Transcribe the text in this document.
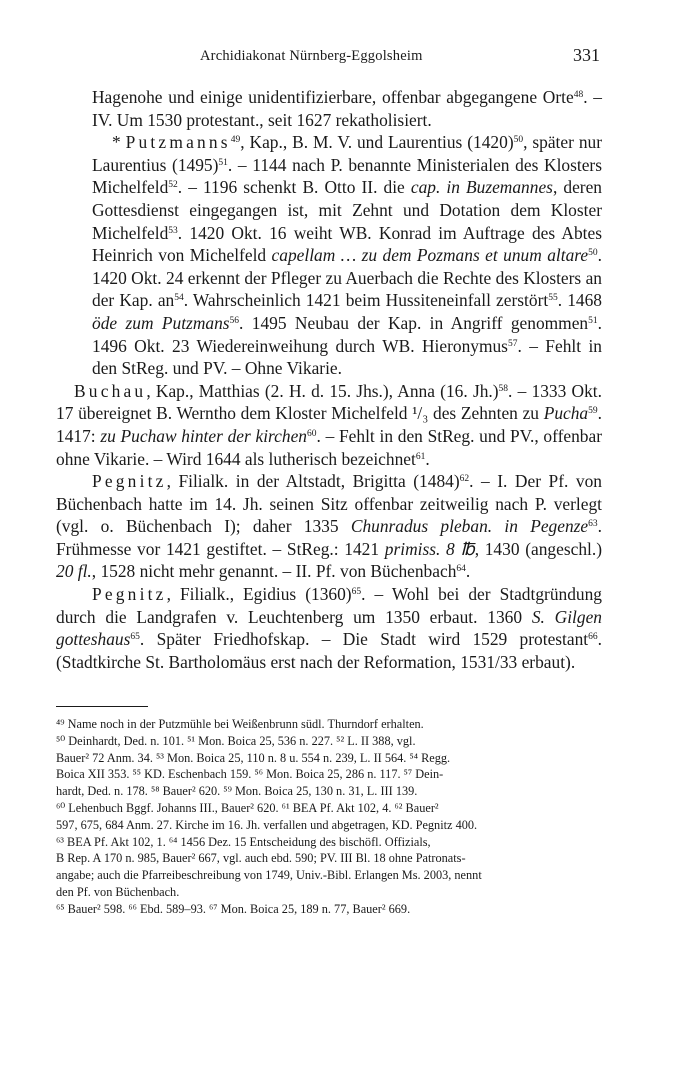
Archidiakonat Nürnberg-Eggolsheim	331

Hagenohe und einige unidentifizierbare, offenbar abgegangene Orte$^{48}$. – IV. Um 1530 protestant., seit 1627 rekatholisiert.

* Putzmanns$^{49}$, Kap., B. M. V. und Laurentius $(1420)^{50}$, später nur Laurentius $(1495)^{51}$. – 1144 nach P. benannte Ministerialen des Klosters Michelfeld$^{52}$. – 1196 schenkt B. Otto II. die cap. in Buzemannes, deren Gottesdienst eingegangen ist, mit Zehnt und Dotation dem Kloster Michelfeld$^{53}$. 1420 Okt. 16 weiht WB. Konrad im Auftrage des Abtes Heinrich von Michelfeld capellam … zu dem Pozmans et unum altare$^{50}$. 1420 Okt. 24 erkennt der Pfleger zu Auerbach die Rechte des Klosters an der Kap. $an^{54}$. Wahrscheinlich 1421 beim Hussiteneinfall zerstört$^{55}$. 1468 öde zum Putzmans$^{56}$. 1495 Neubau der Kap. in Angriff genommen$^{51}$. 1496 Okt. 23 Wiedereinweihung durch WB. Hieronymus$^{57}$. – Fehlt in den StReg. und PV. – Ohne Vikarie.

Buchau, Kap., Matthias (2. H. d. 15. Jhs.), Anna (16. Jh.)$^{58}$. – 1333 Okt. 17 übereignet B. Werntho dem Kloster Michelfeld ¹/₃ des Zehnten zu Pucha$^{59}$. 1417: zu Puchaw hinter der kirchen$^{60}$. – Fehlt in den StReg. und PV., offenbar ohne Vikarie. – Wird 1644 als lutherisch bezeichnet$^{61}$.

Pegnitz, Filialk. in der Altstadt, Brigitta $(1484)^{62}$. – I. Der Pf. von Büchenbach hatte im 14. Jh. seinen Sitz offenbar zeitweilig nach P. verlegt (vgl. o. Büchenbach I); daher 1335 Chunradus pleban. in Pegenze$^{63}$. Frühmesse vor 1421 gestiftet. – StReg.: 1421 primiss. 8 ℔, 1430 (angeschl.) 20 fl., 1528 nicht mehr genannt. – II. Pf. von Büchenbach$^{64}$.

Pegnitz, Filialk., Egidius $(1360)^{65}$. – Wohl bei der Stadtgründung durch die Landgrafen v. Leuchtenberg um 1350 erbaut. 1360 S. Gilgen gotteshaus$^{65}$. Später Friedhofskap. – Die Stadt wird 1529 protestant$^{66}$. (Stadtkirche St. Bartholomäus erst nach der Reformation, 1531/33 erbaut).

⁴⁹ Name noch in der Putzmühle bei Weißenbrunn südl. Thurndorf erhalten.
⁵⁰ Deinhardt, Ded. n. 101. ⁵¹ Mon. Boica 25, 536 n. 227. ⁵² L. II 388, vgl.
Bauer² 72 Anm. 34. ⁵³ Mon. Boica 25, 110 n. 8 u. 554 n. 239, L. II 564. ⁵⁴ Regg.
Boica XII 353. ⁵⁵ KD. Eschenbach 159. ⁵⁶ Mon. Boica 25, 286 n. 117. ⁵⁷ Dein-
hardt, Ded. n. 178. ⁵⁸ Bauer² 620. ⁵⁹ Mon. Boica 25, 130 n. 31, L. III 139.
⁶⁰ Lehenbuch Bggf. Johanns III., Bauer² 620. ⁶¹ BEA Pf. Akt 102, 4. ⁶² Bauer²
597, 675, 684 Anm. 27. Kirche im 16. Jh. verfallen und abgetragen, KD. Pegnitz 400.
⁶³ BEA Pf. Akt 102, 1. ⁶⁴ 1456 Dez. 15 Entscheidung des bischöfl. Offizials,
B Rep. A 170 n. 985, Bauer² 667, vgl. auch ebd. 590; PV. III Bl. 18 ohne Patronats-
angabe; auch die Pfarreibeschreibung von 1749, Univ.-Bibl. Erlangen Ms. 2003, nennt
den Pf. von Büchenbach.
⁶⁵ Bauer² 598. ⁶⁶ Ebd. 589–93. ⁶⁷ Mon. Boica 25, 189 n. 77, Bauer² 669.
